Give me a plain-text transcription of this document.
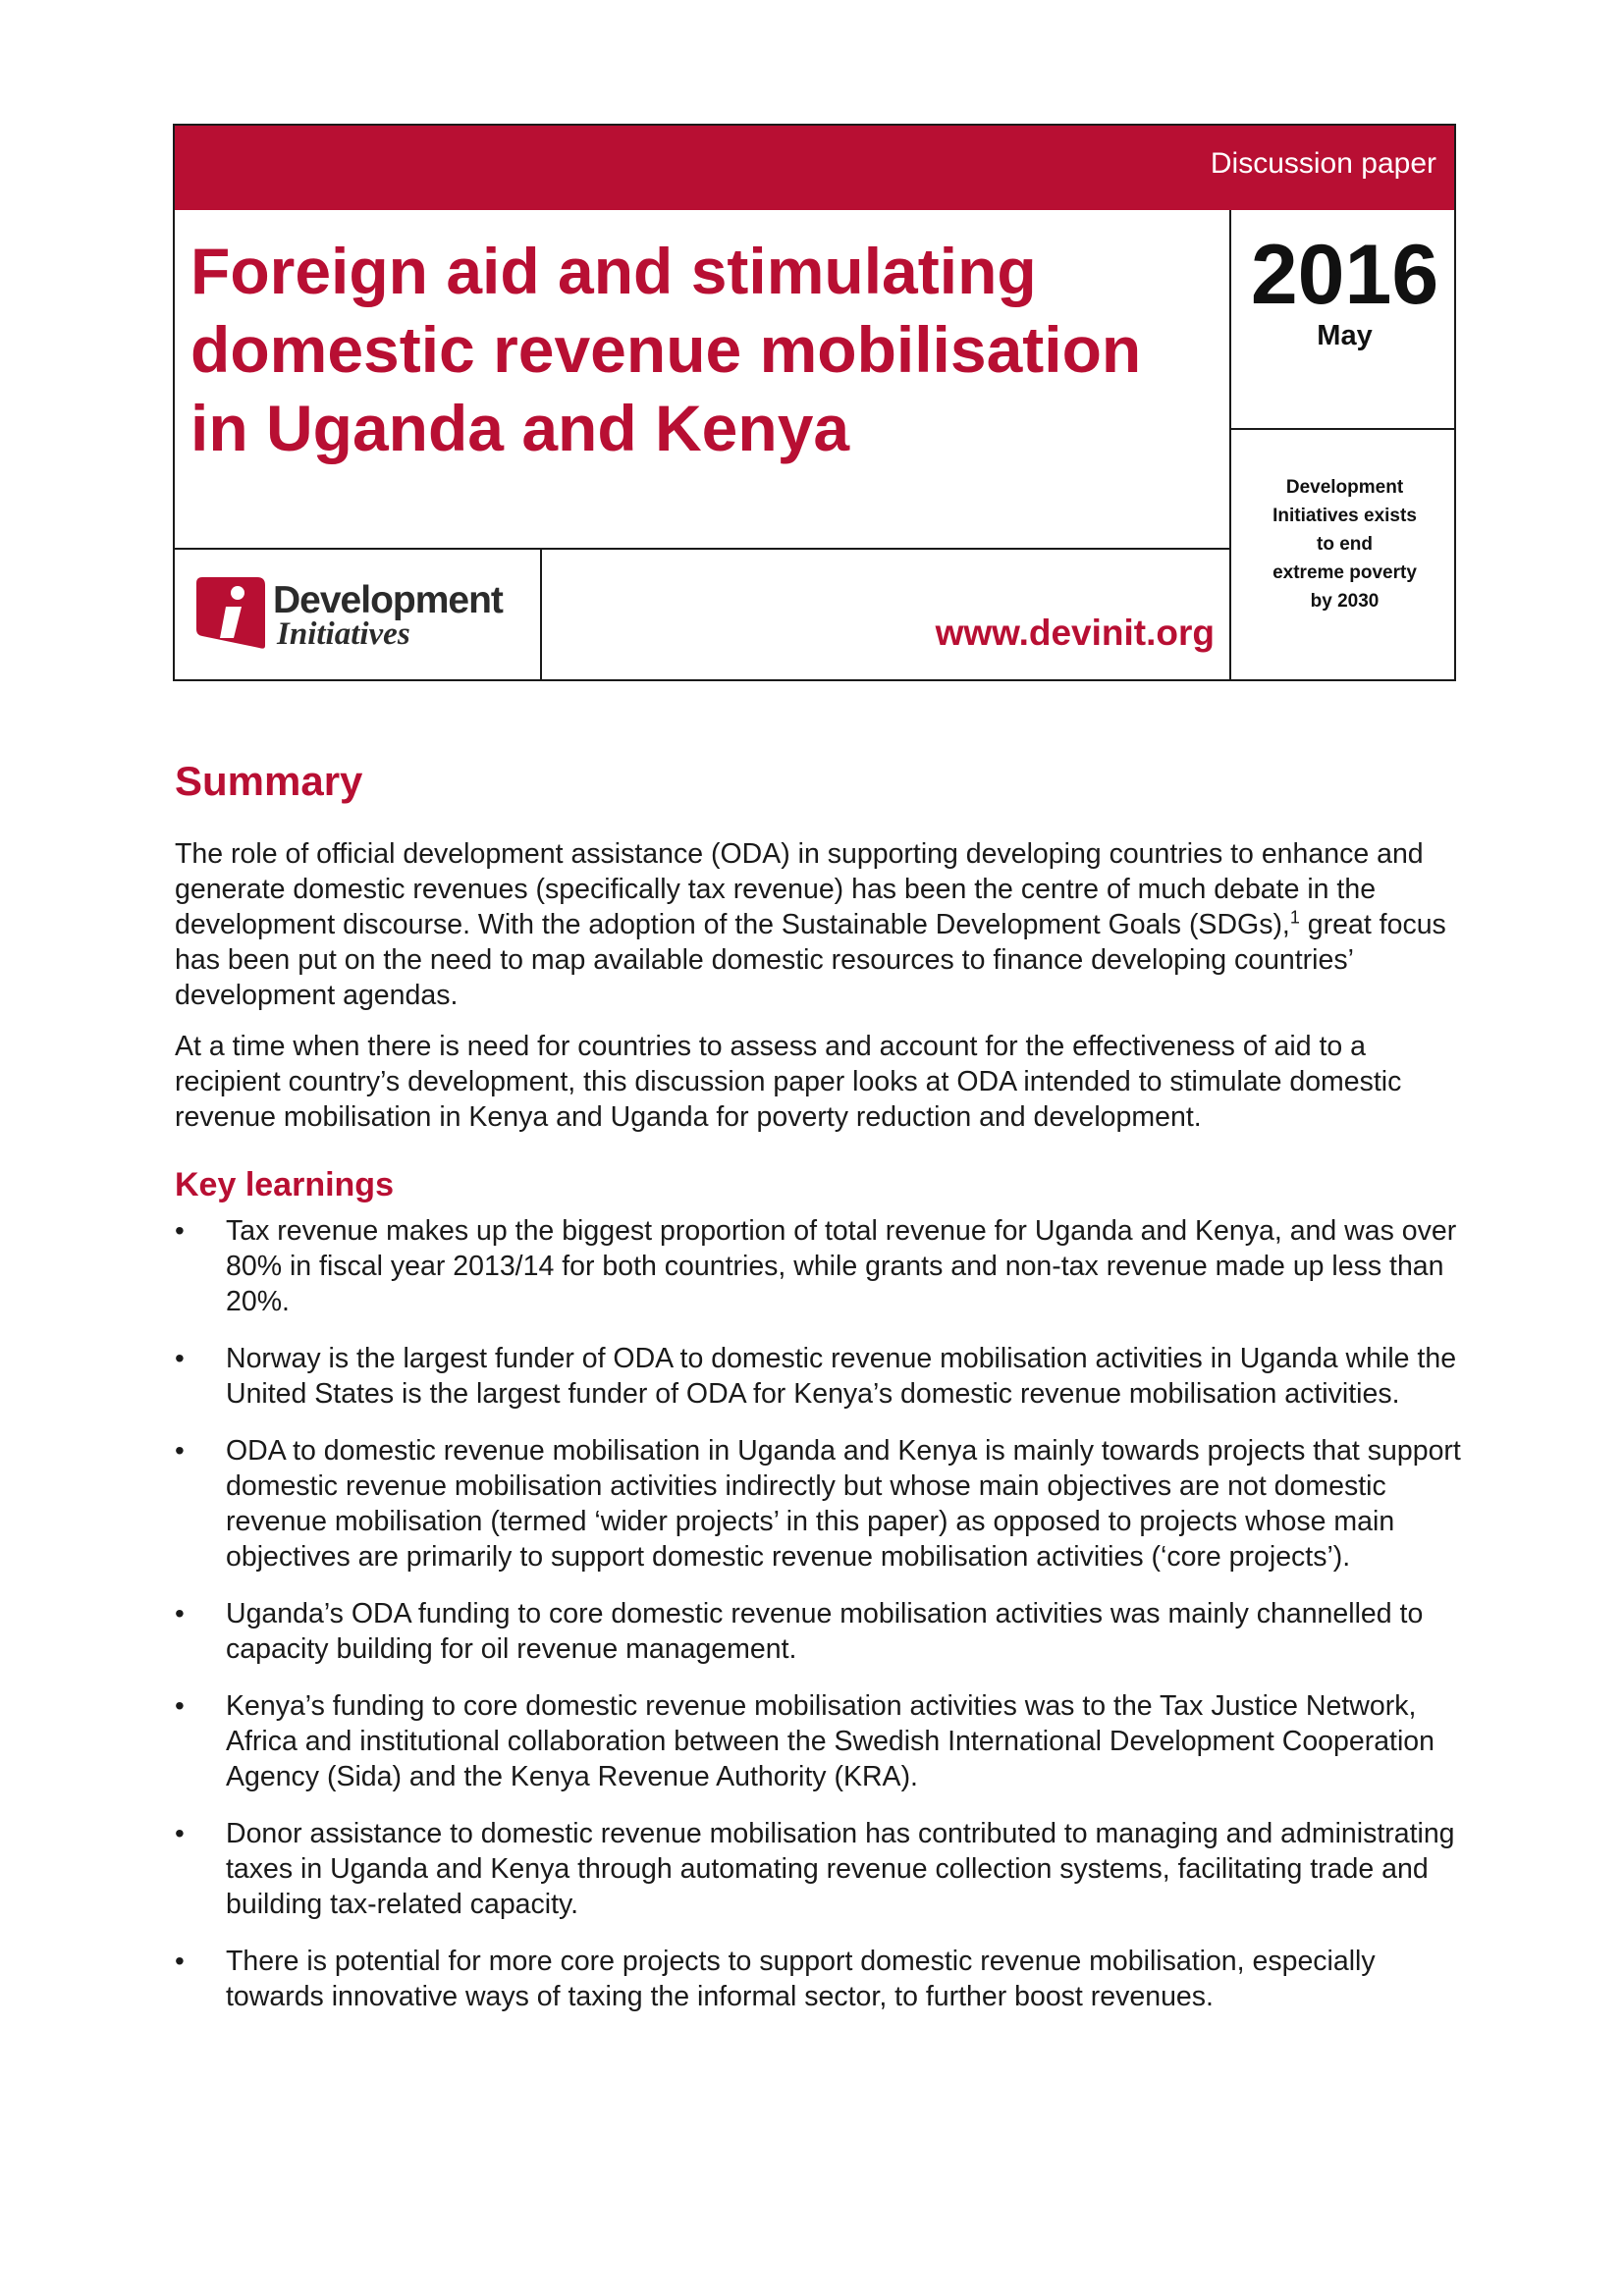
Discussion paper
Foreign aid and stimulating domestic revenue mobilisation in Uganda and Kenya
2016
May
Development
Initiatives exists
to end
extreme poverty
by 2030
Development
Initiatives	www.devinit.org
Summary

The role of official development assistance (ODA) in supporting developing countries to enhance and generate domestic revenues (specifically tax revenue) has been the centre of much debate in the development discourse. With the adoption of the Sustainable Development Goals (SDGs),$^1$ great focus has been put on the need to map available domestic resources to finance developing countries’ development agendas.

At a time when there is need for countries to assess and account for the effectiveness of aid to a recipient country’s development, this discussion paper looks at ODA intended to stimulate domestic revenue mobilisation in Kenya and Uganda for poverty reduction and development.

Key learnings
•	Tax revenue makes up the biggest proportion of total revenue for Uganda and Kenya, and was over 80% in fiscal year 2013/14 for both countries, while grants and non-tax revenue made up less than 20%.
•	Norway is the largest funder of ODA to domestic revenue mobilisation activities in Uganda while the United States is the largest funder of ODA for Kenya’s domestic revenue mobilisation activities.
•	ODA to domestic revenue mobilisation in Uganda and Kenya is mainly towards projects that support domestic revenue mobilisation activities indirectly but whose main objectives are not domestic revenue mobilisation (termed ‘wider projects’ in this paper) as opposed to projects whose main objectives are primarily to support domestic revenue mobilisation activities (‘core projects’).
•	Uganda’s ODA funding to core domestic revenue mobilisation activities was mainly channelled to capacity building for oil revenue management.
•	Kenya’s funding to core domestic revenue mobilisation activities was to the Tax Justice Network, Africa and institutional collaboration between the Swedish International Development Cooperation Agency (Sida) and the Kenya Revenue Authority (KRA).
•	Donor assistance to domestic revenue mobilisation has contributed to managing and administrating taxes in Uganda and Kenya through automating revenue collection systems, facilitating trade and building tax-related capacity.
•	There is potential for more core projects to support domestic revenue mobilisation, especially towards innovative ways of taxing the informal sector, to further boost revenues.
